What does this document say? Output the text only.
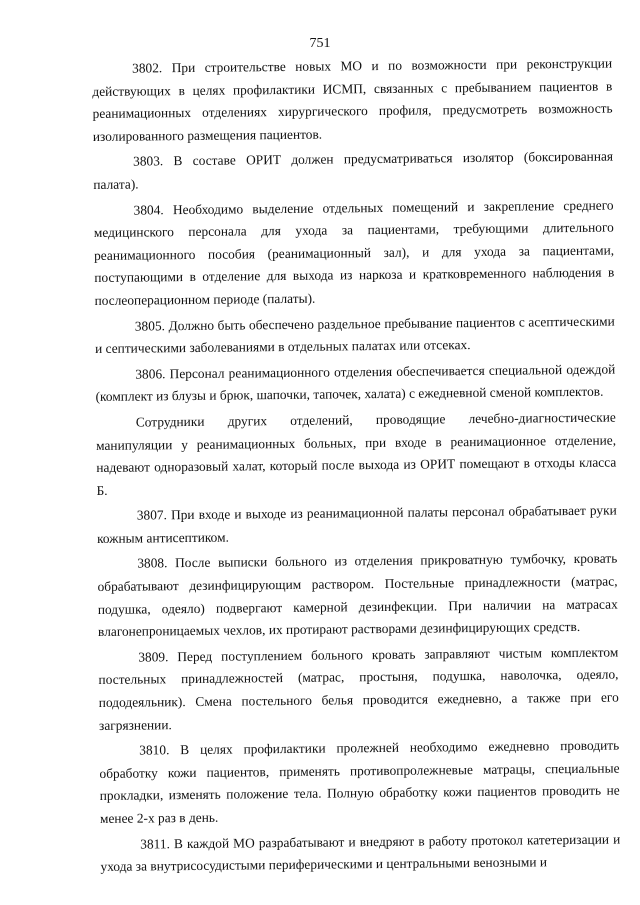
751

3802. При строительстве новых МО и по возможности при реконструкции действующих в целях профилактики ИСМП, связанных с пребыванием пациентов в реанимационных отделениях хирургического профиля, предусмотреть возможность изолированного размещения пациентов.

3803. В составе ОРИТ должен предусматриваться изолятор (боксированная палата).

3804. Необходимо выделение отдельных помещений и закрепление среднего медицинского персонала для ухода за пациентами, требующими длительного реанимационного пособия (реанимационный зал), и для ухода за пациентами, поступающими в отделение для выхода из наркоза и кратковременного наблюдения в послеоперационном периоде (палаты).

3805. Должно быть обеспечено раздельное пребывание пациентов с асептическими и септическими заболеваниями в отдельных палатах или отсеках.

3806. Персонал реанимационного отделения обеспечивается специальной одеждой (комплект из блузы и брюк, шапочки, тапочек, халата) с ежедневной сменой комплектов.

Сотрудники других отделений, проводящие лечебно-диагностические манипуляции у реанимационных больных, при входе в реанимационное отделение, надевают одноразовый халат, который после выхода из ОРИТ помещают в отходы класса Б.

3807. При входе и выходе из реанимационной палаты персонал обрабатывает руки кожным антисептиком.

3808. После выписки больного из отделения прикроватную тумбочку, кровать обрабатывают дезинфицирующим раствором. Постельные принадлежности (матрас, подушка, одеяло) подвергают камерной дезинфекции. При наличии на матрасах влагонепроницаемых чехлов, их протирают растворами дезинфицирующих средств.

3809. Перед поступлением больного кровать заправляют чистым комплектом постельных принадлежностей (матрас, простыня, подушка, наволочка, одеяло, пододеяльник). Смена постельного белья проводится ежедневно, а также при его загрязнении.

3810. В целях профилактики пролежней необходимо ежедневно проводить обработку кожи пациентов, применять противопролежневые матрацы, специальные прокладки, изменять положение тела. Полную обработку кожи пациентов проводить не менее 2-х раз в день.

3811. В каждой МО разрабатывают и внедряют в работу протокол катетеризации и ухода за внутрисосудистыми периферическими и центральными венозными и
